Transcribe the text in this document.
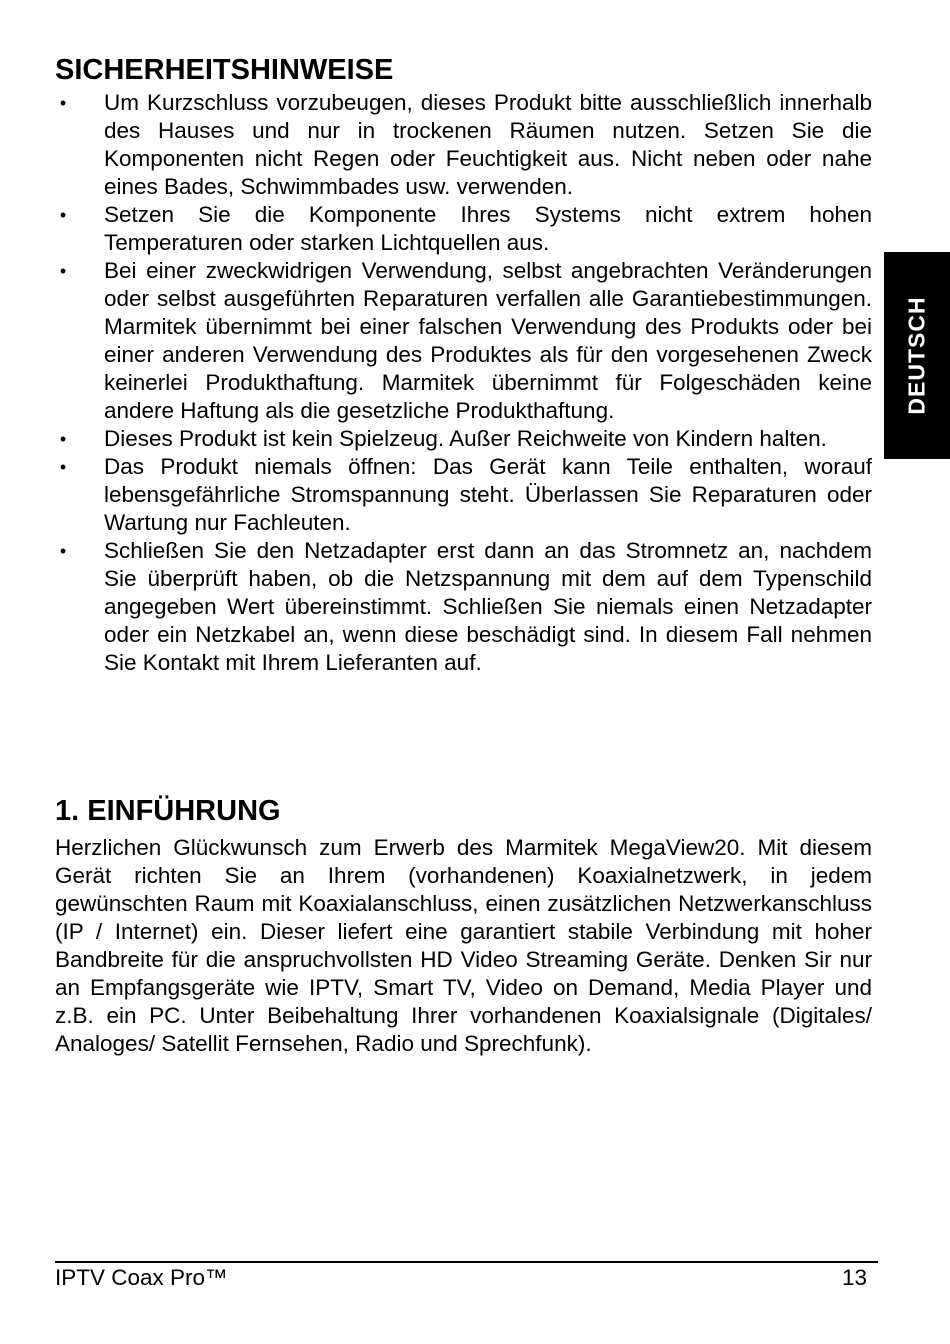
SICHERHEITSHINWEISE
• Um Kurzschluss vorzubeugen, dieses Produkt bitte ausschließlich innerhalb des Hauses und nur in trockenen Räumen nutzen. Setzen Sie die Komponenten nicht Regen oder Feuchtigkeit aus. Nicht neben oder nahe eines Bades, Schwimmbades usw. verwenden.
• Setzen Sie die Komponente Ihres Systems nicht extrem hohen Temperaturen oder starken Lichtquellen aus.
• Bei einer zweckwidrigen Verwendung, selbst angebrachten Veränderungen oder selbst ausgeführten Reparaturen verfallen alle Garantiebestimmungen. Marmitek übernimmt bei einer falschen Verwendung des Produkts oder bei einer anderen Verwendung des Produktes als für den vorgesehenen Zweck keinerlei Produkthaftung. Marmitek übernimmt für Folgeschäden keine andere Haftung als die gesetzliche Produkthaftung.
• Dieses Produkt ist kein Spielzeug. Außer Reichweite von Kindern halten.
• Das Produkt niemals öffnen: Das Gerät kann Teile enthalten, worauf lebensgefährliche Stromspannung steht. Überlassen Sie Reparaturen oder Wartung nur Fachleuten.
• Schließen Sie den Netzadapter erst dann an das Stromnetz an, nachdem Sie überprüft haben, ob die Netzspannung mit dem auf dem Typenschild angegeben Wert übereinstimmt. Schließen Sie niemals einen Netzadapter oder ein Netzkabel an, wenn diese beschädigt sind. In diesem Fall nehmen Sie Kontakt mit Ihrem Lieferanten auf.
1. EINFÜHRUNG

Herzlichen Glückwunsch zum Erwerb des Marmitek MegaView20. Mit diesem Gerät richten Sie an Ihrem (vorhandenen) Koaxialnetzwerk, in jedem gewünschten Raum mit Koaxialanschluss, einen zusätzlichen Netzwerkanschluss (IP / Internet) ein. Dieser liefert eine garantiert stabile Verbindung mit hoher Bandbreite für die anspruchvollsten HD Video Streaming Geräte. Denken Sir nur an Empfangsgeräte wie IPTV, Smart TV, Video on Demand, Media Player und z.B. ein PC. Unter Beibehaltung Ihrer vorhandenen Koaxialsignale (Digitales/ Analoges/ Satellit Fernsehen, Radio und Sprechfunk).

DEUTSCH
IPTV Coax Pro™	13
